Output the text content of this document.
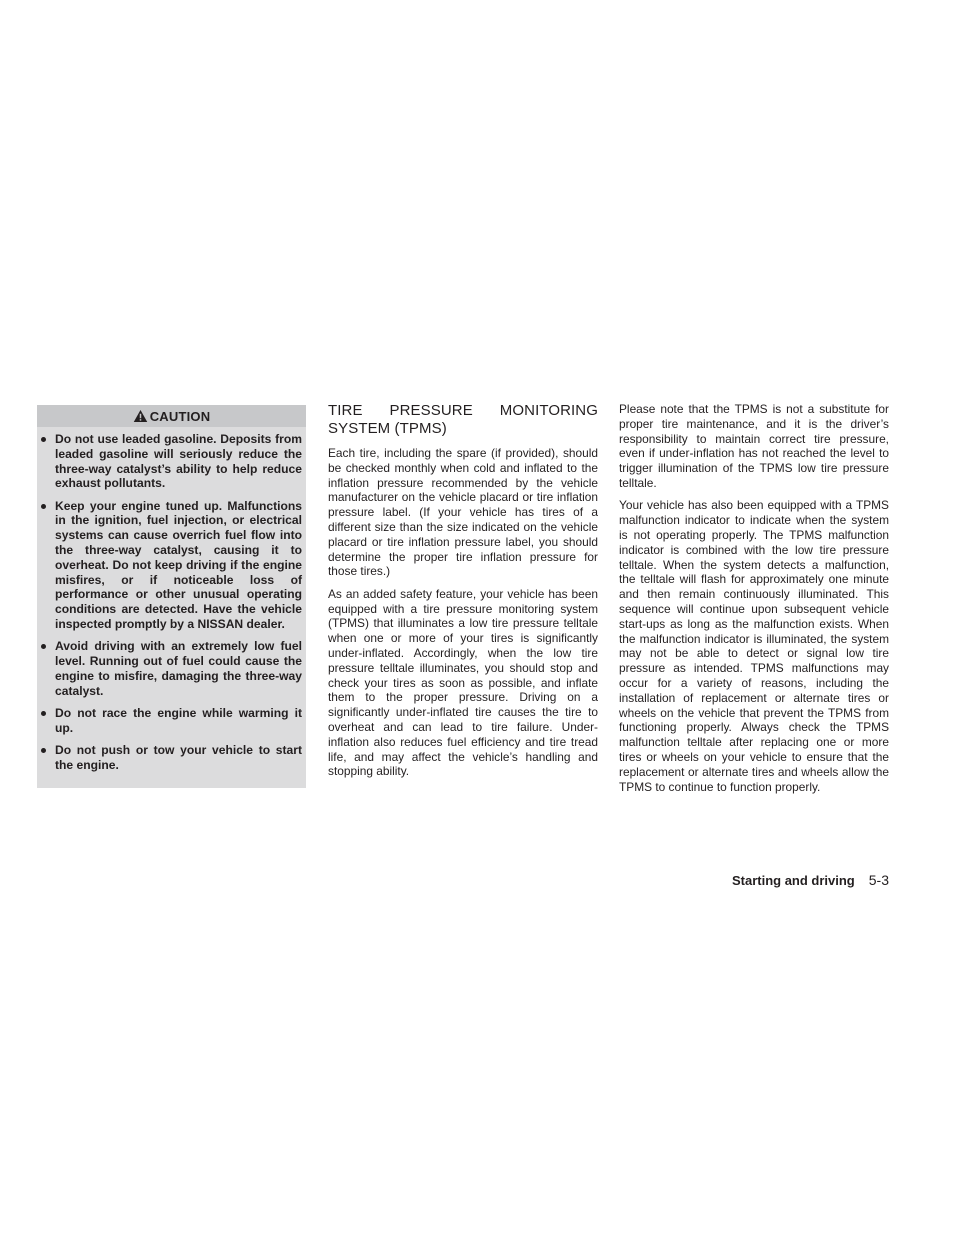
CAUTION
Do not use leaded gasoline. Deposits from leaded gasoline will seriously reduce the three-way catalyst’s ability to help reduce exhaust pollutants.
Keep your engine tuned up. Malfunctions in the ignition, fuel injection, or electrical systems can cause overrich fuel flow into the three-way catalyst, causing it to overheat. Do not keep driving if the engine misfires, or if noticeable loss of performance or other unusual operating conditions are detected. Have the vehicle inspected promptly by a NISSAN dealer.
Avoid driving with an extremely low fuel level. Running out of fuel could cause the engine to misfire, damaging the three-way catalyst.
Do not race the engine while warming it up.
Do not push or tow your vehicle to start the engine.
TIRE PRESSURE MONITORING SYSTEM (TPMS)

Each tire, including the spare (if provided), should be checked monthly when cold and inflated to the inflation pressure recommended by the vehicle manufacturer on the vehicle placard or tire inflation pressure label. (If your vehicle has tires of a different size than the size indicated on the vehicle placard or tire inflation pressure label, you should determine the proper tire inflation pressure for those tires.)

As an added safety feature, your vehicle has been equipped with a tire pressure monitoring system (TPMS) that illuminates a low tire pressure telltale when one or more of your tires is significantly under-inflated. Accordingly, when the low tire pressure telltale illuminates, you should stop and check your tires as soon as possible, and inflate them to the proper pressure. Driving on a significantly under-inflated tire causes the tire to overheat and can lead to tire failure. Under-inflation also reduces fuel efficiency and tire tread life, and may affect the vehicle’s handling and stopping ability.

Please note that the TPMS is not a substitute for proper tire maintenance, and it is the driver’s responsibility to maintain correct tire pressure, even if under-inflation has not reached the level to trigger illumination of the TPMS low tire pressure telltale.

Your vehicle has also been equipped with a TPMS malfunction indicator to indicate when the system is not operating properly. The TPMS malfunction indicator is combined with the low tire pressure telltale. When the system detects a malfunction, the telltale will flash for approximately one minute and then remain continuously illuminated. This sequence will continue upon subsequent vehicle start-ups as long as the malfunction exists. When the malfunction indicator is illuminated, the system may not be able to detect or signal low tire pressure as intended. TPMS malfunctions may occur for a variety of reasons, including the installation of replacement or alternate tires or wheels on the vehicle that prevent the TPMS from functioning properly. Always check the TPMS malfunction telltale after replacing one or more tires or wheels on your vehicle to ensure that the replacement or alternate tires and wheels allow the TPMS to continue to function properly.

Starting and driving 5-3
